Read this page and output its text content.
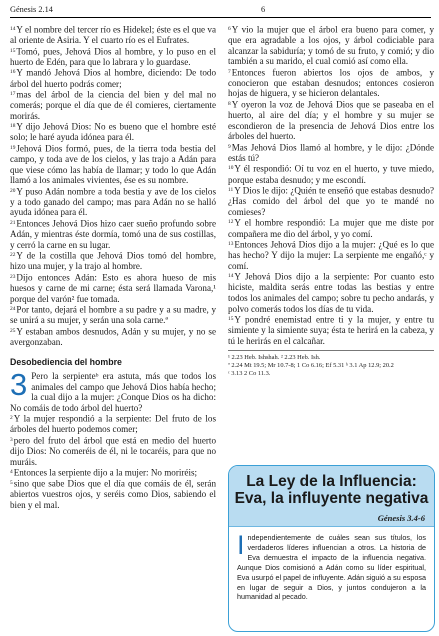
Génesis 2.14	6

$^{14}$Y el nombre del tercer río es Hidekel; éste es el que va al oriente de Asiria. Y el cuarto río es el Eufrates.

$^{15}$Tomó, pues, Jehová Dios al hombre, y lo puso en el huerto de Edén, para que lo labrara y lo guardase.

$^{16}$Y mandó Jehová Dios al hombre, diciendo: De todo árbol del huerto podrás comer;

$^{17}$mas del árbol de la ciencia del bien y del mal no comerás; porque el día que de él comieres, ciertamente morirás.

$^{18}$Y dijo Jehová Dios: No es bueno que el hombre esté solo; le haré ayuda idónea para él.

$^{19}$Jehová Dios formó, pues, de la tierra toda bestia del campo, y toda ave de los cielos, y las trajo a Adán para que viese cómo las había de llamar; y todo lo que Adán llamó a los animales vivientes, ése es su nombre.

$^{20}$Y puso Adán nombre a toda bestia y ave de los cielos y a todo ganado del campo; mas para Adán no se halló ayuda idónea para él.

$^{21}$Entonces Jehová Dios hizo caer sueño profundo sobre Adán, y mientras éste dormía, tomó una de sus costillas, y cerró la carne en su lugar.

$^{22}$Y de la costilla que Jehová Dios tomó del hombre, hizo una mujer, y la trajo al hombre.

$^{23}$Dijo entonces Adán: Esto es ahora hueso de mis huesos y carne de mi carne; ésta será llamada Varona,¹ porque del varón² fue tomada.

$^{24}$Por tanto, dejará el hombre a su padre y a su madre, y se unirá a su mujer, y serán una sola carne.ª

$^{25}$Y estaban ambos desnudos, Adán y su mujer, y no se avergonzaban.

Desobediencia del hombre

3 Pero la serpienteᵇ era astuta, más que todos los animales del campo que Jehová Dios había hecho; la cual dijo a la mujer: ¿Conque Dios os ha dicho: No comáis de todo árbol del huerto?

$^2$Y la mujer respondió a la serpiente: Del fruto de los árboles del huerto podemos comer;

$^3$pero del fruto del árbol que está en medio del huerto dijo Dios: No comeréis de él, ni le tocaréis, para que no muráis.

$^4$Entonces la serpiente dijo a la mujer: No moriréis;

$^5$sino que sabe Dios que el día que comáis de él, serán abiertos vuestros ojos, y seréis como Dios, sabiendo el bien y el mal.

$^6$Y vio la mujer que el árbol era bueno para comer, y que era agradable a los ojos, y árbol codiciable para alcanzar la sabiduría; y tomó de su fruto, y comió; y dio también a su marido, el cual comió así como ella.

$^7$Entonces fueron abiertos los ojos de ambos, y conocieron que estaban desnudos; entonces cosieron hojas de higuera, y se hicieron delantales.

$^8$Y oyeron la voz de Jehová Dios que se paseaba en el huerto, al aire del día; y el hombre y su mujer se escondieron de la presencia de Jehová Dios entre los árboles del huerto.

$^9$Mas Jehová Dios llamó al hombre, y le dijo: ¿Dónde estás tú?

$^{10}$Y él respondió: Oí tu voz en el huerto, y tuve miedo, porque estaba desnudo; y me escondí.

$^{11}$Y Dios le dijo: ¿Quién te enseñó que estabas desnudo? ¿Has comido del árbol del que yo te mandé no comieses?

$^{12}$Y el hombre respondió: La mujer que me diste por compañera me dio del árbol, y yo comí.

$^{13}$Entonces Jehová Dios dijo a la mujer: ¿Qué es lo que has hecho? Y dijo la mujer: La serpiente me engañó,ᶜ y comí.

$^{14}$Y Jehová Dios dijo a la serpiente: Por cuanto esto hiciste, maldita serás entre todas las bestias y entre todos los animales del campo; sobre tu pecho andarás, y polvo comerás todos los días de tu vida.

$^{15}$Y pondré enemistad entre ti y la mujer, y entre tu simiente y la simiente suya; ésta te herirá en la cabeza, y tú le herirás en el calcañar.

¹ 2.23 Heb. Ishshah. ² 2.23 Heb. Ish.
ª 2.24 Mt 19.5; Mr 10.7-8; 1 Co 6.16; Ef 5.31 ᵇ 3.1 Ap 12.9; 20.2
ᶜ 3.13 2 Co 11.3.
La Ley de la Influencia: Eva, la influyente negativa
Génesis 3.4-6
Independientemente de cuáles sean sus títulos, los verdaderos líderes influencian a otros. La historia de Eva demuestra el impacto de la influencia negativa. Aunque Dios comisionó a Adán como su líder espiritual, Eva usurpó el papel de influyente. Adán siguió a su esposa en lugar de seguir a Dios, y juntos condujeron a la humanidad al pecado.
